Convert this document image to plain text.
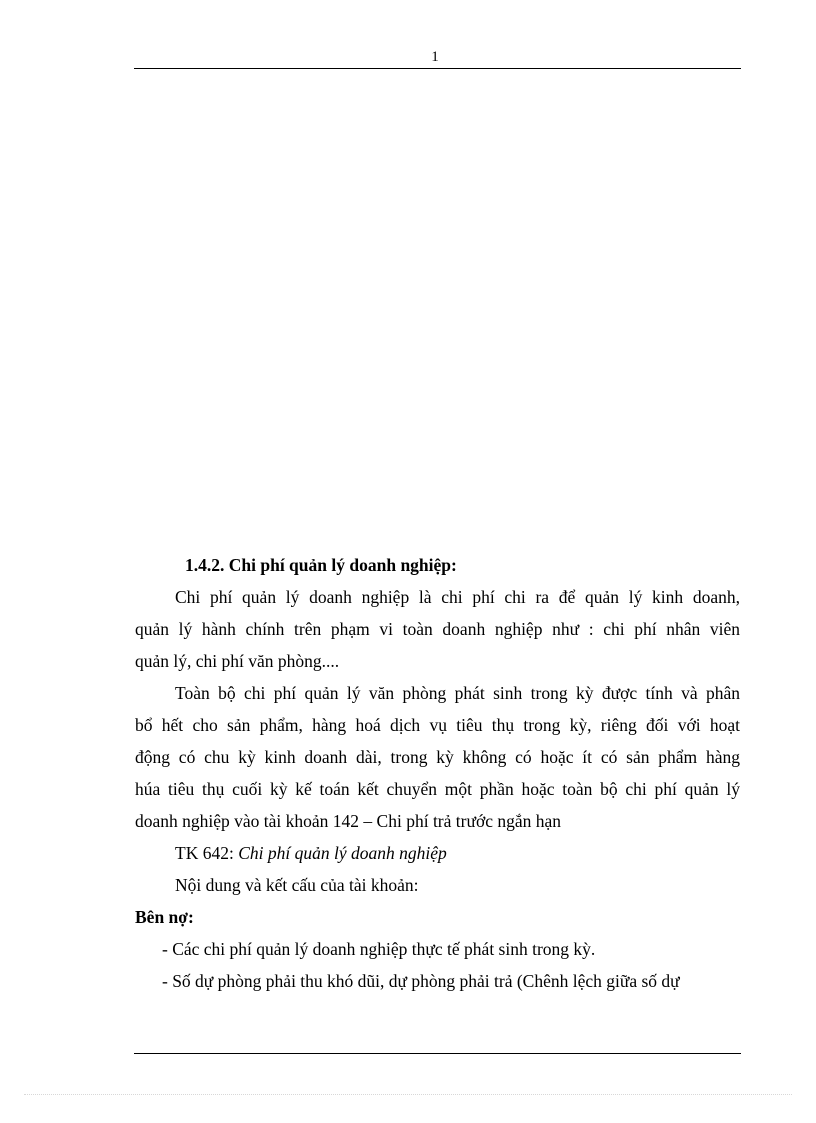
1
1.4.2. Chi phí quản lý doanh nghiệp:
Chi phí quản lý doanh nghiệp là chi phí chi ra để quản lý kinh doanh,
quản lý hành chính trên phạm vi toàn doanh nghiệp như : chi phí nhân viên
quản lý, chi phí văn phòng....
Toàn bộ chi phí quản lý văn phòng phát sinh trong kỳ được tính và phân
bổ hết cho sản phẩm, hàng hoá dịch vụ tiêu thụ trong kỳ, riêng đối với hoạt
động có chu kỳ kinh doanh dài, trong kỳ không có hoặc ít có sản phẩm hàng
húa tiêu thụ cuối kỳ kế toán kết chuyển một phần hoặc toàn bộ chi phí quản lý
doanh nghiệp vào tài khoản 142 – Chi phí trả trước ngắn hạn
TK 642: Chi phí quản lý doanh nghiệp
Nội dung và kết cấu của tài khoản:
Bên nợ:
- Các chi phí quản lý doanh nghiệp thực tế phát sinh trong kỳ.
- Số dự phòng phải thu khó dũi, dự phòng phải trả (Chênh lệch giữa số dự
